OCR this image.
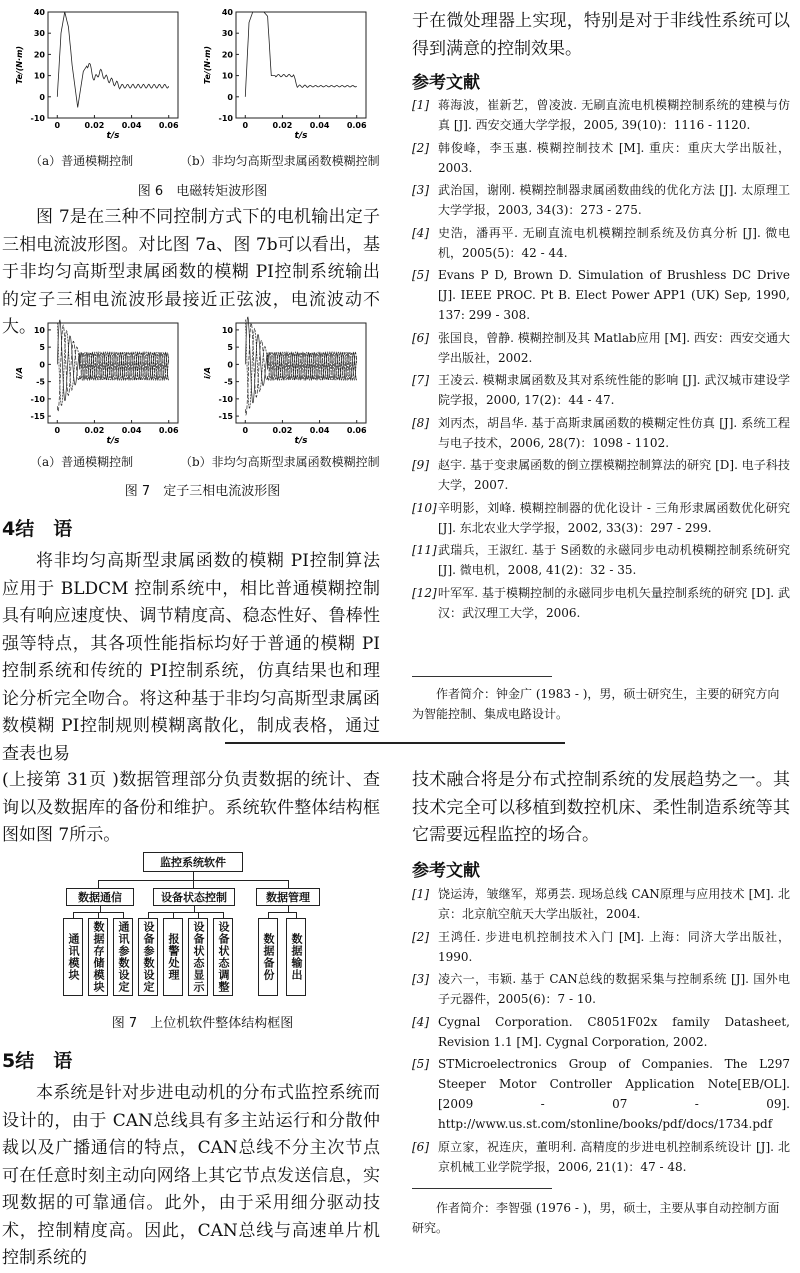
40
30
20
10
0
-10
0	0.02 0.04 0.06
Te/(N·m)
t/s
40
30
20
10
0
-10
0	0.02 0.04 0.06
Te/(N·m)
t/s
（a）普通模糊控制	（b）非均匀高斯型隶属函数模糊控制
图 6　电磁转矩波形图
图 7是在三种不同控制方式下的电机输出定子三相电流波形图。对比图 7a、图 7b可以看出，基于非均匀高斯型隶属函数的模糊 PI控制系统输出的定子三相电流波形最接近正弦波，电流波动不大。
10
5
0
-5
-10
-15
0	0.02 0.04 0.06
i/A
t/s
10
5
0
-5
-10
-15
0	0.02 0.04 0.06
i/A
t/s
（a）普通模糊控制	（b）非均匀高斯型隶属函数模糊控制
图 7　定子三相电流波形图
4结　语
将非均匀高斯型隶属函数的模糊 PI控制算法应用于 BLDCM 控制系统中，相比普通模糊控制具有响应速度快、调节精度高、稳态性好、鲁棒性强等特点，其各项性能指标均好于普通的模糊 PI控制系统和传统的 PI控制系统，仿真结果也和理论分析完全吻合。将这种基于非均匀高斯型隶属函数模糊 PI控制规则模糊离散化，制成表格，通过查表也易
于在微处理器上实现，特别是对于非线性系统可以得到满意的控制效果。
参考文献
[1] 蒋海波，崔新艺，曾凌波. 无刷直流电机模糊控制系统的建模与仿真 [J]. 西安交通大学学报，2005, 39(10)：1116 - 1120.
[2] 韩俊峰，李玉惠. 模糊控制技术 [M]. 重庆：重庆大学出版社，2003.
[3] 武治国，谢刚. 模糊控制器隶属函数曲线的优化方法 [J]. 太原理工大学学报，2003, 34(3)：273 - 275.
[4] 史浩，潘再平. 无刷直流电机模糊控制系统及仿真分析 [J]. 微电机，2005(5)：42 - 44.
[5] Evans P D, Brown D. Simulation of Brushless DC Drive [J]. IEEE PROC. Pt B. Elect Power APP1 (UK) Sep, 1990, 137: 299 - 308.
[6] 张国良，曾静. 模糊控制及其 Matlab应用 [M]. 西安：西安交通大学出版社，2002.
[7] 王凌云. 模糊隶属函数及其对系统性能的影响 [J]. 武汉城市建设学院学报，2000, 17(2)：44 - 47.
[8] 刘丙杰，胡昌华. 基于高斯隶属函数的模糊定性仿真 [J]. 系统工程与电子技术，2006, 28(7)：1098 - 1102.
[9] 赵宇. 基于变隶属函数的倒立摆模糊控制算法的研究 [D]. 电子科技大学，2007.
[10] 辛明影，刘峰. 模糊控制器的优化设计 - 三角形隶属函数优化研究 [J]. 东北农业大学学报，2002, 33(3)：297 - 299.
[11] 武瑞兵，王淑红. 基于 S函数的永磁同步电动机模糊控制系统研究 [J]. 微电机，2008, 41(2)：32 - 35.
[12] 叶军军. 基于模糊控制的永磁同步电机矢量控制系统的研究 [D]. 武汉：武汉理工大学，2006.
作者简介：钟金广 (1983 - )，男，硕士研究生，主要的研究方向为智能控制、集成电路设计。
(上接第 31页 )数据管理部分负责数据的统计、查询以及数据库的备份和维护。系统软件整体结构框图如图 7所示。
监控系统软件
数据通信	设备状态控制	数据管理
通讯模块	数据存储模块	通讯参数设定	设备参数设定	报警处理	设备状态显示	设备状态调整	数据备份	数据输出
图 7　上位机软件整体结构框图
5结　语
本系统是针对步进电动机的分布式监控系统而设计的，由于 CAN总线具有多主站运行和分散仲裁以及广播通信的特点，CAN总线不分主次节点可在任意时刻主动向网络上其它节点发送信息，实现数据的可靠通信。此外，由于采用细分驱动技术，控制精度高。因此，CAN总线与高速单片机控制系统的
技术融合将是分布式控制系统的发展趋势之一。其技术完全可以移植到数控机床、柔性制造系统等其它需要远程监控的场合。
参考文献
[1] 饶运涛，皱继军，郑勇芸. 现场总线 CAN原理与应用技术 [M]. 北京：北京航空航天大学出版社，2004.
[2] 王鸿任. 步进电机控制技术入门 [M]. 上海：同济大学出版社，1990.
[3] 凌六一，韦颖. 基于 CAN总线的数据采集与控制系统 [J]. 国外电子元器件，2005(6)：7 - 10.
[4] Cygnal Corporation. C8051F02x family Datasheet, Revision 1.1 [M]. Cygnal Corporation, 2002.
[5] STMicroelectronics Group of Companies. The L297 Steeper Motor Controller Application Note[EB/OL]. [2009 - 07 - 09]. http://www.us.st.com/stonline/books/pdf/docs/1734.pdf
[6] 原立家，祝连庆，董明利. 高精度的步进电机控制系统设计 [J]. 北京机械工业学院学报，2006, 21(1)：47 - 48.
作者简介：李智强 (1976 - )，男，硕士，主要从事自动控制方面研究。
